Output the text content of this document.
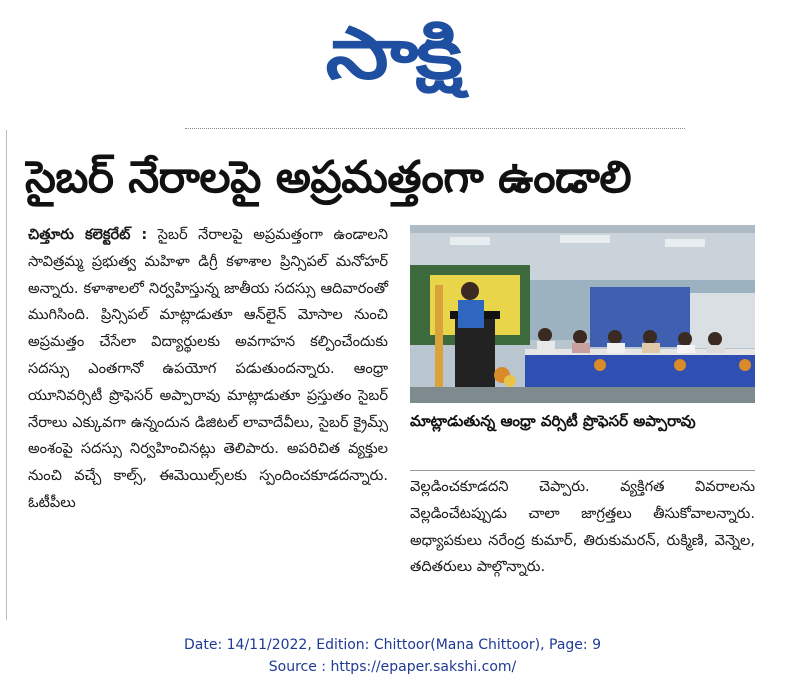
సాక్షి
సైబర్ నేరాలపై అప్రమత్తంగా ఉండాలి
చిత్తూరు కలెక్టరేట్ : సైబర్ నేరాలపై అప్రమత్తంగా ఉండాలని సావిత్రమ్మ ప్రభుత్వ మహిళా డిగ్రీ కళాశాల ప్రిన్సిపల్ మనోహర్ అన్నారు. కళాశాలలో నిర్వహిస్తున్న జాతీయ సదస్సు ఆదివారంతో ముగిసింది. ప్రిన్సిపల్ మాట్లాడుతూ ఆన్‌లైన్ మోసాల నుంచి అప్రమత్తం చేసేలా విద్యార్థులకు అవగాహన కల్పించేందుకు సదస్సు ఎంతగానో ఉపయోగ పడుతుందన్నారు. ఆంధ్రా యూనివర్సిటీ ప్రొఫెసర్ అప్పారావు మాట్లాడుతూ ప్రస్తుతం సైబర్ నేరాలు ఎక్కువగా ఉన్నందున డిజిటల్ లావాదేవీలు, సైబర్ క్రైమ్స్ అంశంపై సదస్సు నిర్వహించినట్లు తెలిపారు. అపరిచిత వ్యక్తుల నుంచి వచ్చే కాల్స్, ఈమెయిల్స్‌లకు స్పందించకూడదన్నారు. ఓటీపీలు
మాట్లాడుతున్న ఆంధ్రా వర్సిటీ ప్రొఫెసర్ అప్పారావు
వెల్లడించకూడదని చెప్పారు. వ్యక్తిగత వివరాలను వెల్లడించేటప్పుడు చాలా జాగ్రత్తలు తీసుకోవాలన్నారు. అధ్యాపకులు నరేంద్ర కుమార్, తిరుకుమరన్, రుక్మిణి, వెన్నెల, తదితరులు పాల్గొన్నారు.
Date: 14/11/2022, Edition: Chittoor(Mana Chittoor), Page: 9
Source : https://epaper.sakshi.com/
